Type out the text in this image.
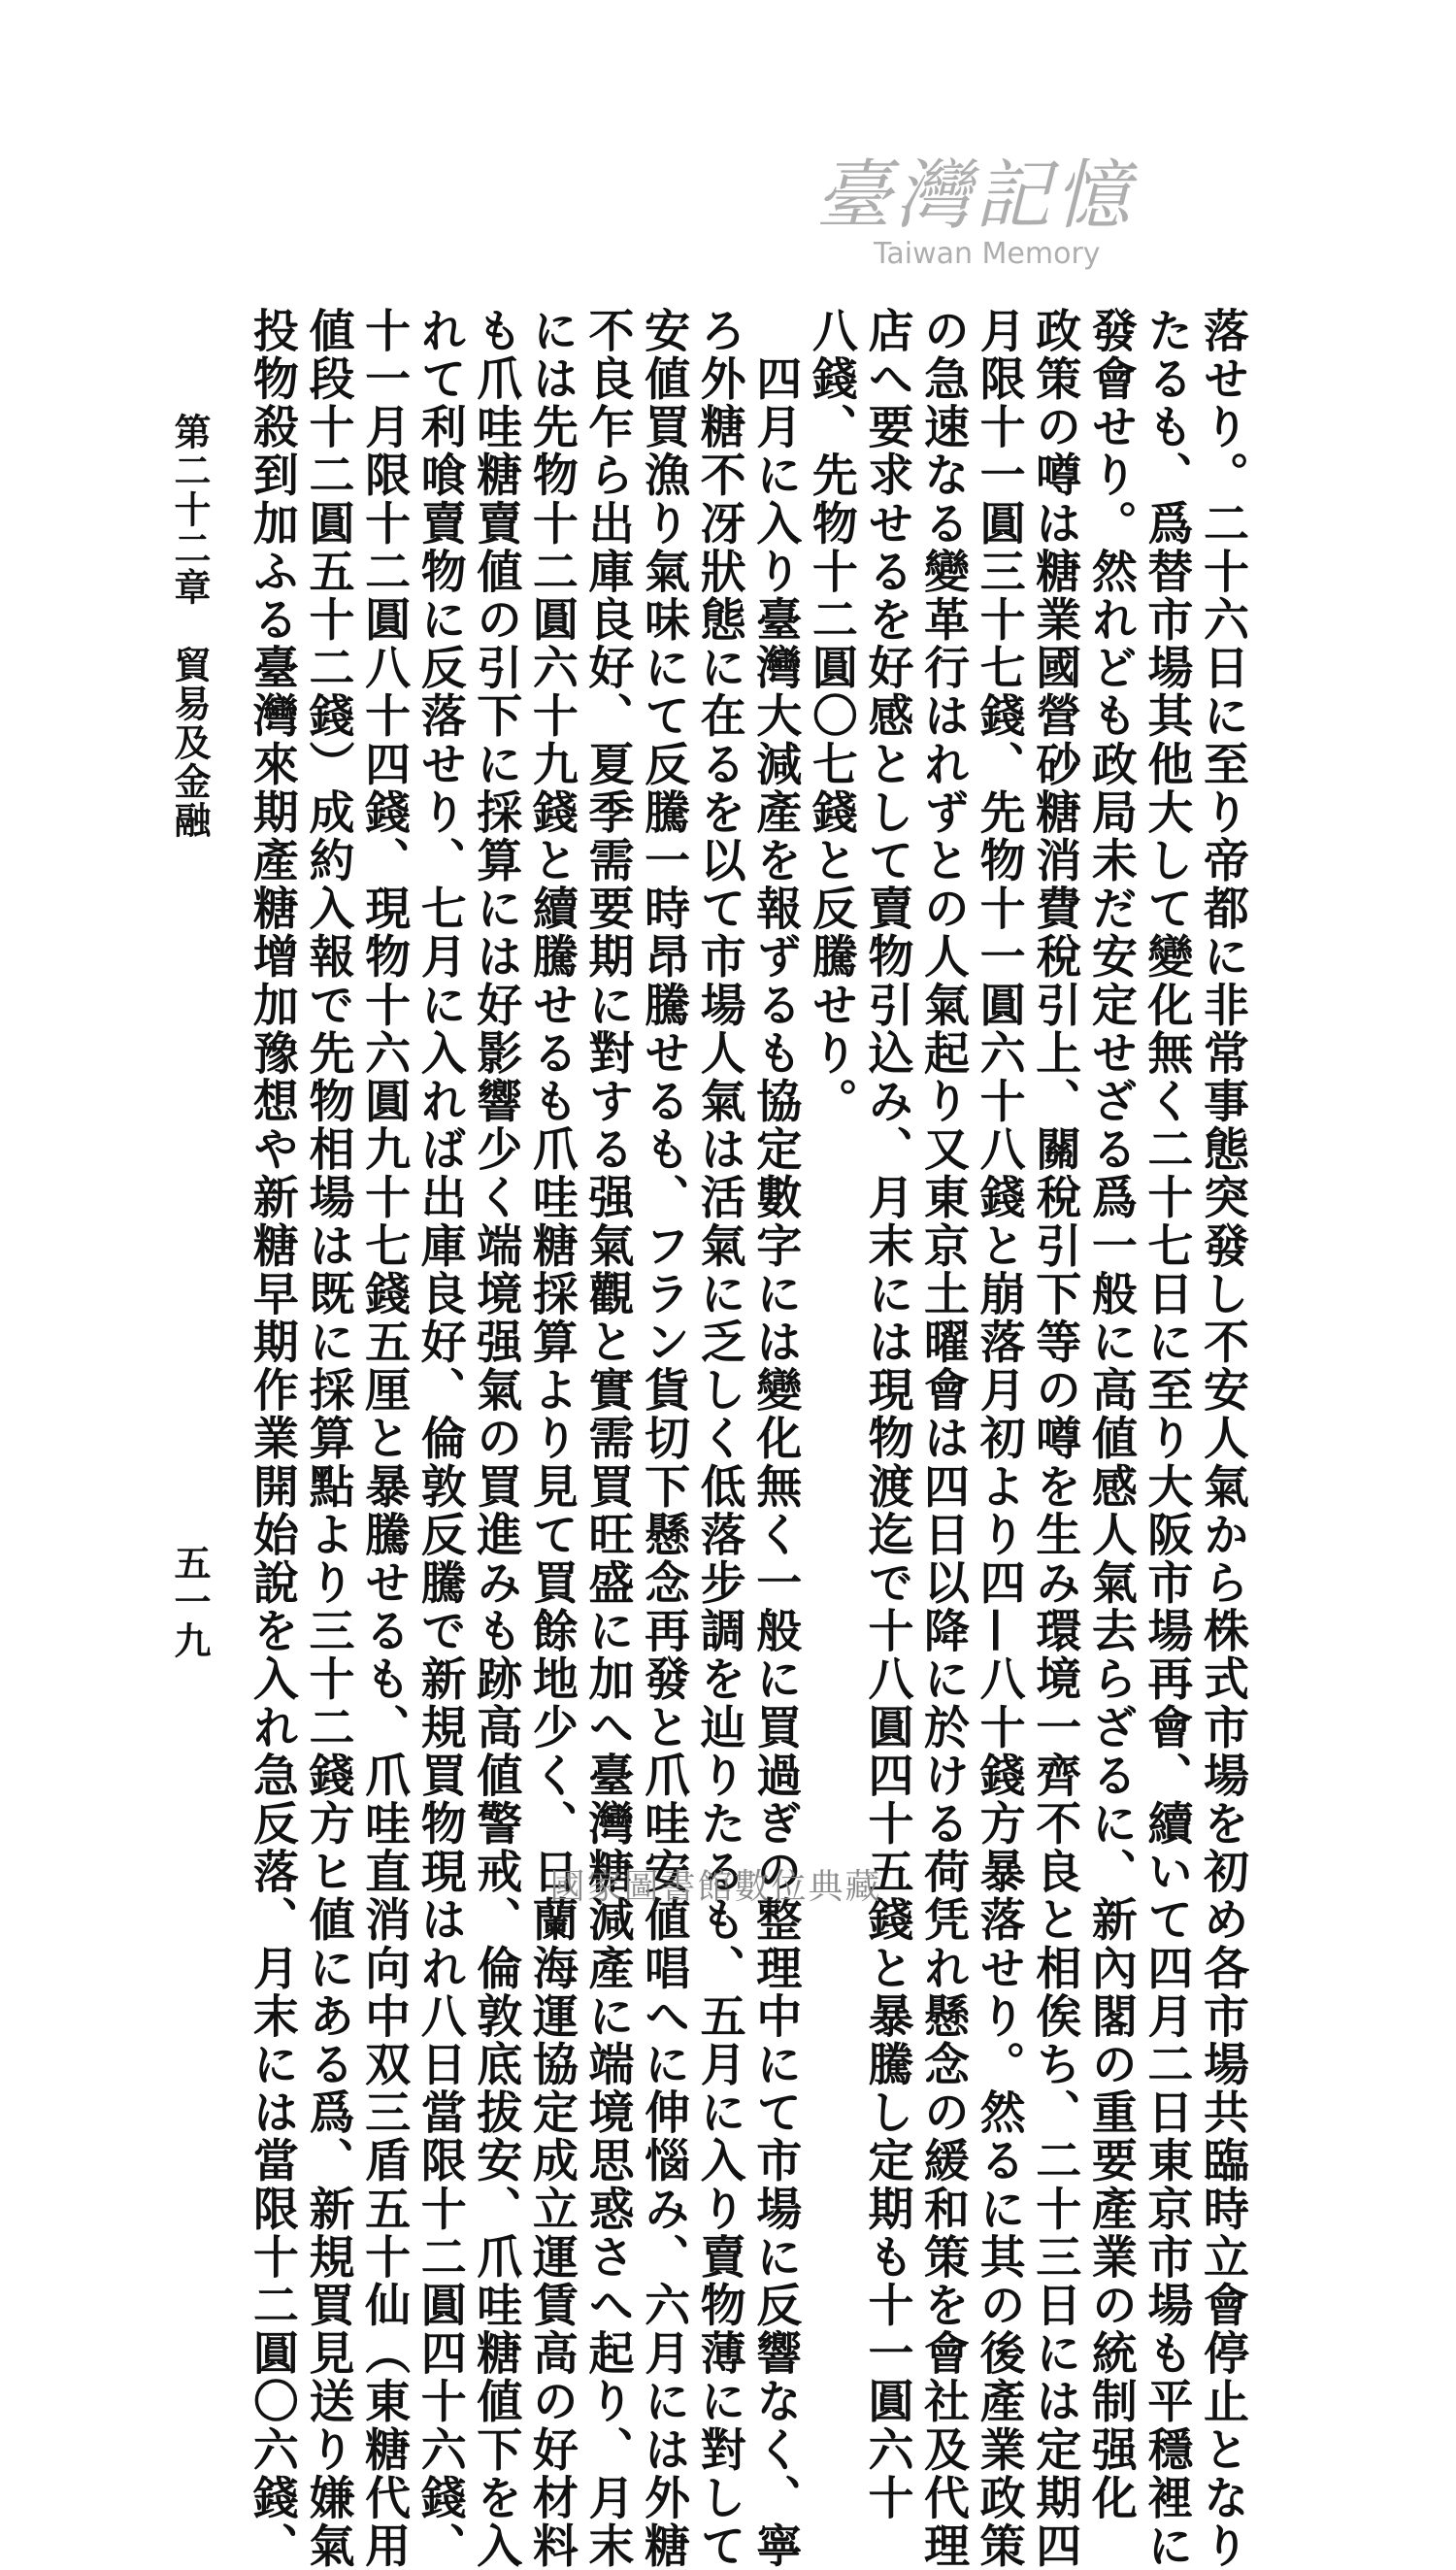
落せり。二十六日に至り帝都に非常事態突發し不安人氣から株式市場を初め各市場共臨時立會停止となり
たるも、爲替市場其他大して變化無く二十七日に至り大阪市場再會、續いて四月二日東京市場も平穩裡に
發會せり。然れども政局未だ安定せざる爲一般に高値感人氣去らざるに、新內閣の重要產業の統制强化
政策の噂は糖業國營砂糖消費稅引上、關稅引下等の噂を生み環境一齊不良と相俟ち、二十三日には定期四
月限十一圓三十七錢、先物十一圓六十八錢と崩落月初より四—八十錢方暴落せり。然るに其の後產業政策
の急速なる變革行はれずとの人氣起り又東京土曜會は四日以降に於ける荷凭れ懸念の緩和策を會社及代理
店へ要求せるを好感として賣物引込み、月末には現物渡迄で十八圓四十五錢と暴騰し定期も十一圓六十
八錢、先物十二圓〇七錢と反騰せり。
　四月に入り臺灣大減產を報ずるも協定數字には變化無く一般に買過ぎの整理中にて市場に反響なく、寧
ろ外糖不冴狀態に在るを以て市場人氣は活氣に乏しく低落步調を辿りたるも、五月に入り賣物薄に對して
安値買漁り氣味にて反騰一時昂騰せるも、フラン貨切下懸念再發と爪哇安値唱へに伸惱み、六月には外糖
不良乍ら出庫良好、夏季需要期に對する强氣觀と實需買旺盛に加へ臺灣糖減產に端境思惑さへ起り、月末
には先物十二圓六十九錢と續騰せるも爪哇糖採算より見て買餘地少く、日蘭海運協定成立運賃高の好材料
も爪哇糖賣値の引下に採算には好影響少く端境强氣の買進みも跡高値警戒、倫敦底拔安、爪哇糖値下を入
れて利喰賣物に反落せり、七月に入れば出庫良好、倫敦反騰で新規買物現はれ八日當限十二圓四十六錢、
十一月限十二圓八十四錢、現物十六圓九十七錢五厘と暴騰せるも、爪哇直消向中双三盾五十仙（東糖代用
値段十二圓五十二錢）成約入報で先物相場は既に採算點より三十二錢方ヒ値にある爲、新規買見送り嫌氣
投物殺到加ふる臺灣來期產糖增加豫想や新糖早期作業開始說を入れ急反落、月末には當限十二圓〇六錢、
第二十二章　貿易及金融
五一九
臺灣記憶
Taiwan Memory
國家圖書館數位典藏
